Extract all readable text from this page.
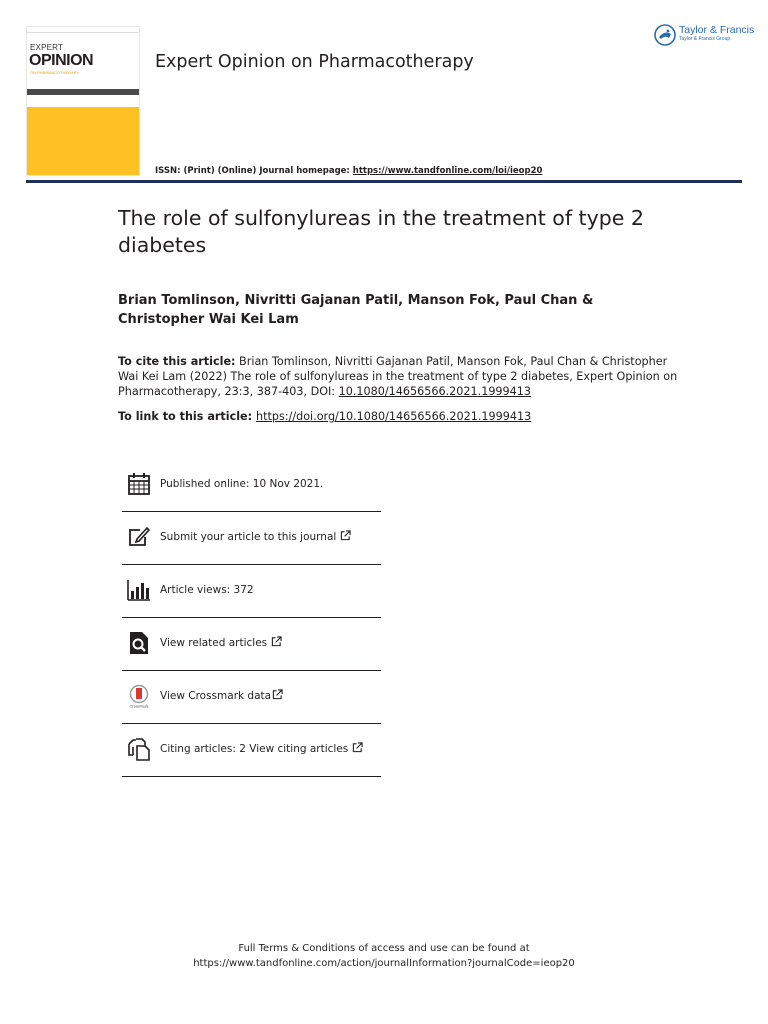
EXPERT
OPINION
ON PHARMACOTHERAPY
Expert Opinion on Pharmacotherapy
ISSN: (Print) (Online) Journal homepage: https://www.tandfonline.com/loi/ieop20
Taylor & Francis
Taylor & Francis Group
The role of sulfonylureas in the treatment of type 2 diabetes
Brian Tomlinson, Nivritti Gajanan Patil, Manson Fok, Paul Chan & Christopher Wai Kei Lam
To cite this article: Brian Tomlinson, Nivritti Gajanan Patil, Manson Fok, Paul Chan & Christopher Wai Kei Lam (2022) The role of sulfonylureas in the treatment of type 2 diabetes, Expert Opinion on Pharmacotherapy, 23:3, 387-403, DOI: 10.1080/14656566.2021.1999413
To link to this article: https://doi.org/10.1080/14656566.2021.1999413
Published online: 10 Nov 2021.
Submit your article to this journal
Article views: 372
View related articles
CrossMark
View Crossmark data
Citing articles: 2 View citing articles
Full Terms & Conditions of access and use can be found at
https://www.tandfonline.com/action/journalInformation?journalCode=ieop20
